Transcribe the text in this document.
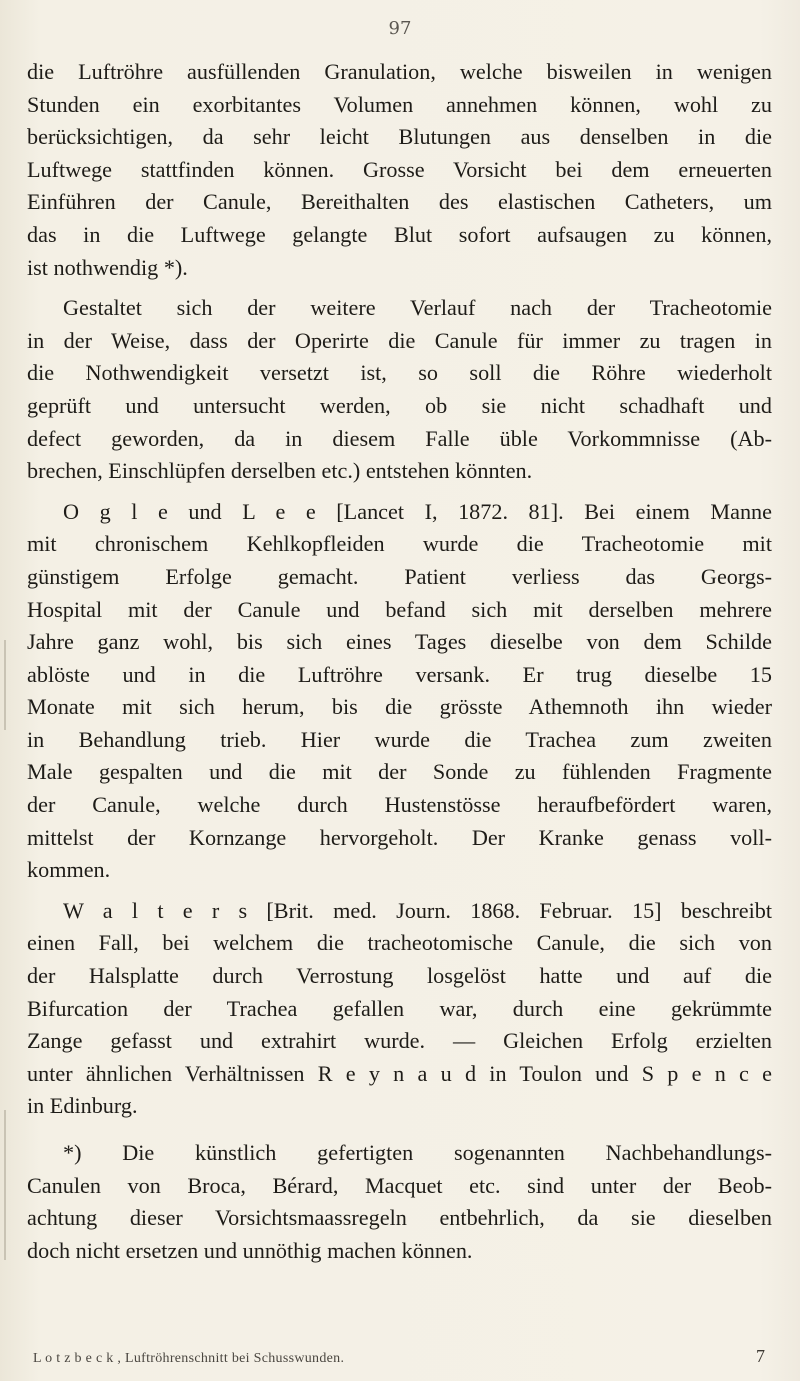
97
die Luftröhre ausfüllenden Granulation, welche bisweilen in wenigen
Stunden ein exorbitantes Volumen annehmen können, wohl zu
berücksichtigen, da sehr leicht Blutungen aus denselben in die
Luftwege stattfinden können. Grosse Vorsicht bei dem erneuerten
Einführen der Canule, Bereithalten des elastischen Catheters, um
das in die Luftwege gelangte Blut sofort aufsaugen zu können,
ist nothwendig *).
Gestaltet sich der weitere Verlauf nach der Tracheotomie
in der Weise, dass der Operirte die Canule für immer zu tragen in
die Nothwendigkeit versetzt ist, so soll die Röhre wiederholt
geprüft und untersucht werden, ob sie nicht schadhaft und
defect geworden, da in diesem Falle üble Vorkommnisse (Ab-
brechen, Einschlüpfen derselben etc.) entstehen könnten.
O g l e und L e e [Lancet I, 1872. 81]. Bei einem Manne
mit chronischem Kehlkopfleiden wurde die Tracheotomie mit
günstigem Erfolge gemacht. Patient verliess das Georgs-
Hospital mit der Canule und befand sich mit derselben mehrere
Jahre ganz wohl, bis sich eines Tages dieselbe von dem Schilde
ablöste und in die Luftröhre versank. Er trug dieselbe 15
Monate mit sich herum, bis die grösste Athemnoth ihn wieder
in Behandlung trieb. Hier wurde die Trachea zum zweiten
Male gespalten und die mit der Sonde zu fühlenden Fragmente
der Canule, welche durch Hustenstösse heraufbefördert waren,
mittelst der Kornzange hervorgeholt. Der Kranke genass voll-
kommen.
W a l t e r s [Brit. med. Journ. 1868. Februar. 15] beschreibt
einen Fall, bei welchem die tracheotomische Canule, die sich von
der Halsplatte durch Verrostung losgelöst hatte und auf die
Bifurcation der Trachea gefallen war, durch eine gekrümmte
Zange gefasst und extrahirt wurde. — Gleichen Erfolg erzielten
unter ähnlichen Verhältnissen R e y n a u d in Toulon und S p e n c e
in Edinburg.
*) Die künstlich gefertigten sogenannten Nachbehandlungs-
Canulen von Broca, Bérard, Macquet etc. sind unter der Beob-
achtung dieser Vorsichtsmaassregeln entbehrlich, da sie dieselben
doch nicht ersetzen und unnöthig machen können.
L o t z b e c k , Luftröhrenschnitt bei Schusswunden.	7
